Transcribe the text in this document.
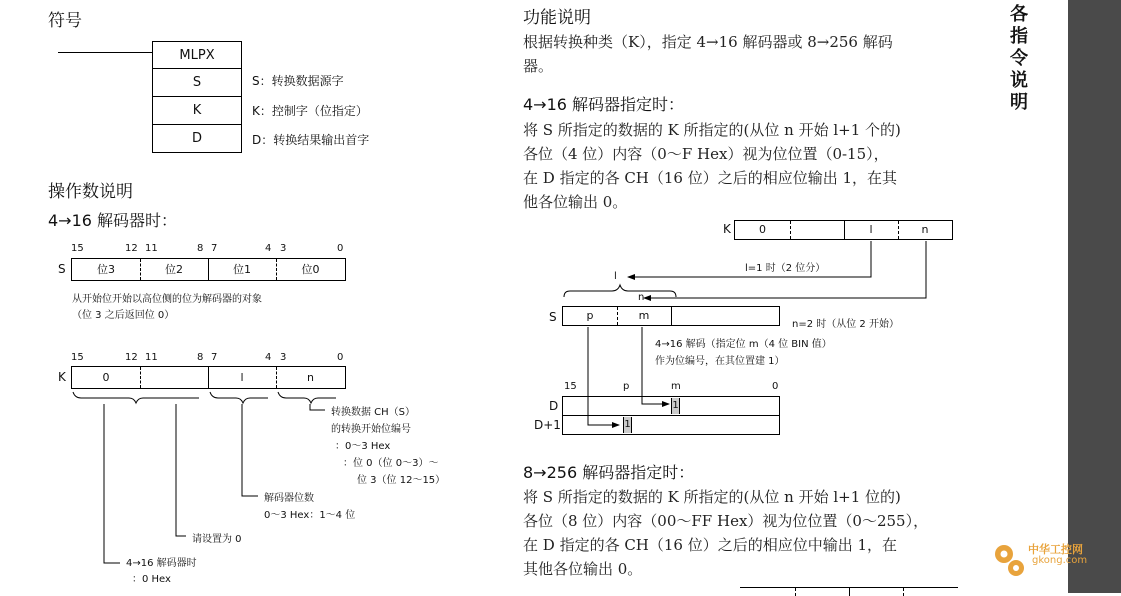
符号
MLPX
S
K
D
S：转换数据源字
K：控制字（位指定）
D：转换结果输出首字
操作数说明
4→16 解码器时：
15	12 11	8 7	4 3	0
S	位3	位2	位1	位0
从开始位开始以高位侧的位为解码器的对象
（位 3 之后返回位 0）
15	12 11	8 7	4 3	0
K	0	l	n
转换数据 CH（S）
的转换开始位编号
：0～3 Hex
：位 0（位 0～3）～
位 3（位 12～15）
解码器位数
0～3 Hex：1～4 位
请设置为 0
4→16 解码器时
：0 Hex
功能说明
根据转换种类（K），指定 4→16 解码器或 8→256 解码
器。
4→16 解码器指定时：
将 S 所指定的数据的 K 所指定的(从位 n 开始 l+1 个的)
各位（4 位）内容（0～F Hex）视为位位置（0-15），
在 D 指定的各 CH（16 位）之后的相应位输出 1，在其
他各位输出 0。
K	0	l	n
l=1 时（2 位分）
l
n
S	p	m
n=2 时（从位 2 开始）
4→16 解码（指定位 m（4 位 BIN 值）
作为位编号，在其位置建 1）
15	p	m	0
D
D+1
1
1
8→256 解码器指定时：
将 S 所指定的数据的 K 所指定的(从位 n 开始 l+1 位的)
各位（8 位）内容（00～FF Hex）视为位位置（0～255），
在 D 指定的各 CH（16 位）之后的相应位中输出 1，在
其他各位输出 0。
各指令说明
中华工控网
gkong.com
